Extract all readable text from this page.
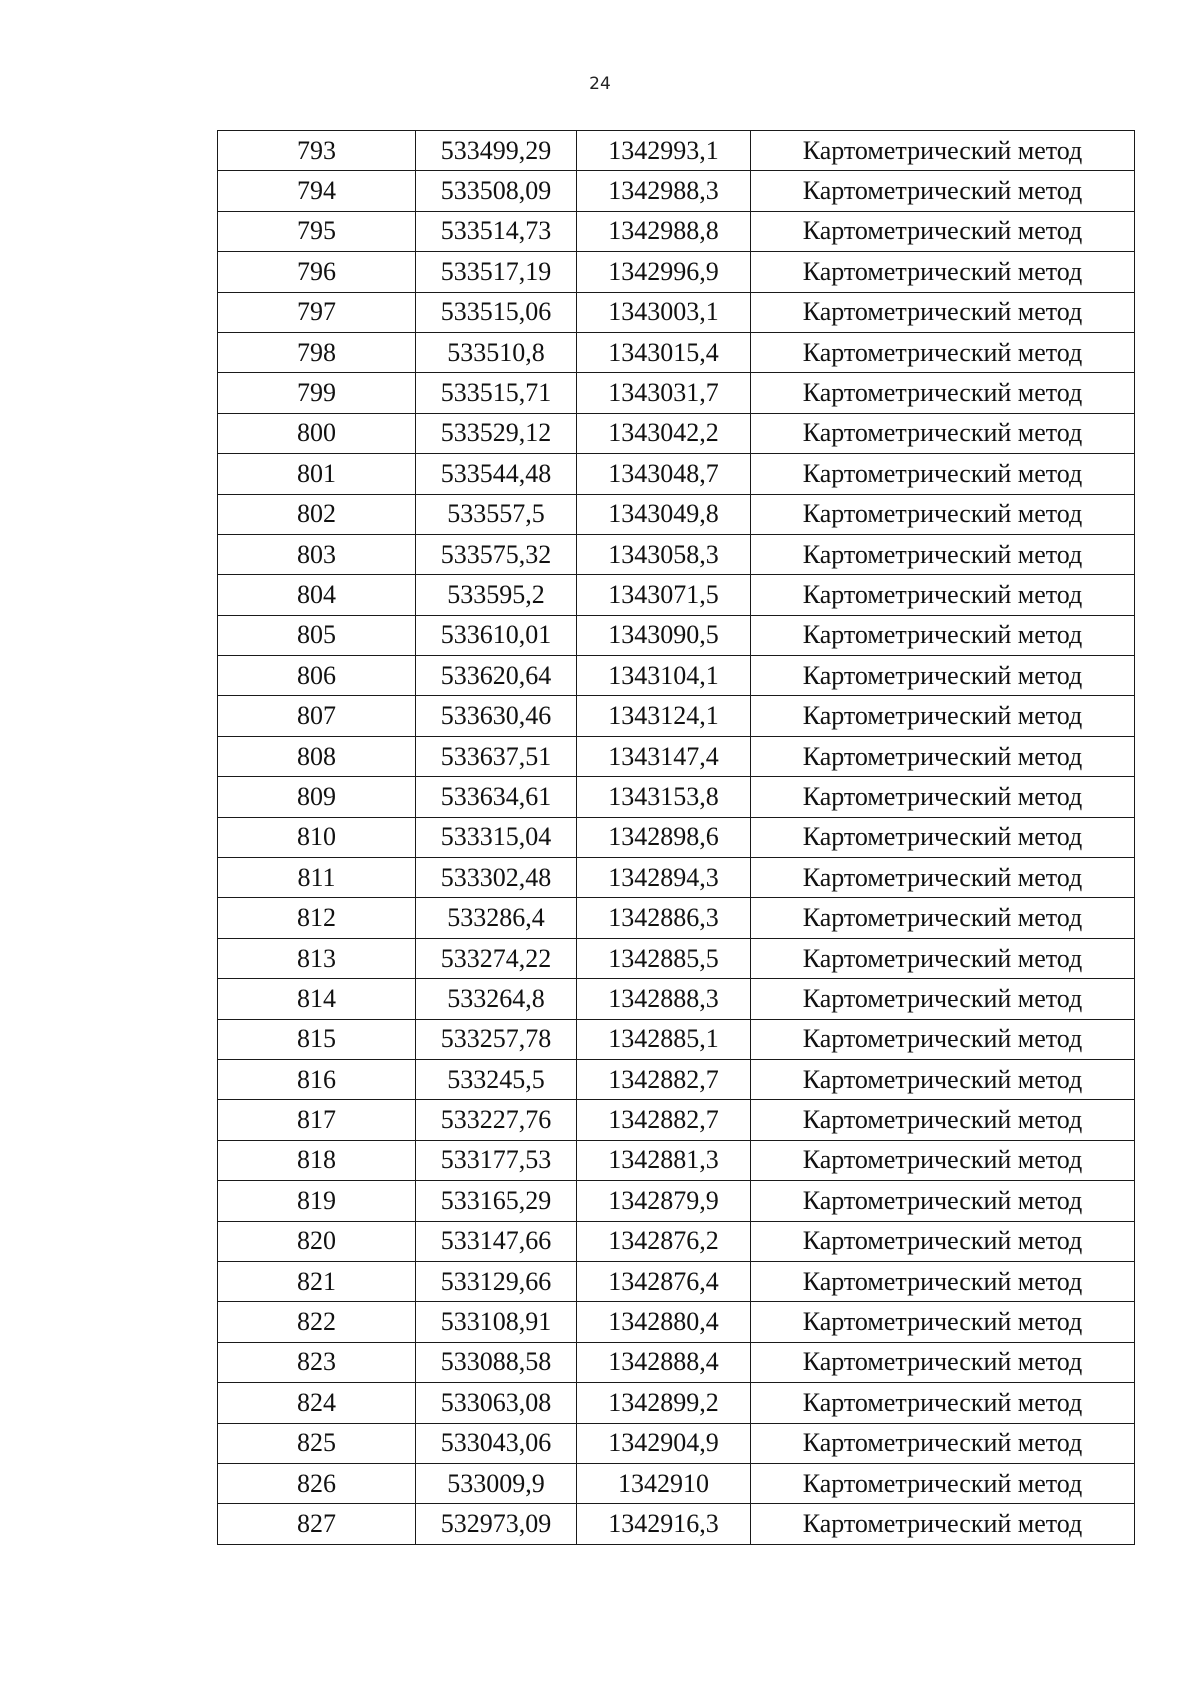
24
793	533499,29	1342993,1	Картометрический метод
794	533508,09	1342988,3	Картометрический метод
795	533514,73	1342988,8	Картометрический метод
796	533517,19	1342996,9	Картометрический метод
797	533515,06	1343003,1	Картометрический метод
798	533510,8	1343015,4	Картометрический метод
799	533515,71	1343031,7	Картометрический метод
800	533529,12	1343042,2	Картометрический метод
801	533544,48	1343048,7	Картометрический метод
802	533557,5	1343049,8	Картометрический метод
803	533575,32	1343058,3	Картометрический метод
804	533595,2	1343071,5	Картометрический метод
805	533610,01	1343090,5	Картометрический метод
806	533620,64	1343104,1	Картометрический метод
807	533630,46	1343124,1	Картометрический метод
808	533637,51	1343147,4	Картометрический метод
809	533634,61	1343153,8	Картометрический метод
810	533315,04	1342898,6	Картометрический метод
811	533302,48	1342894,3	Картометрический метод
812	533286,4	1342886,3	Картометрический метод
813	533274,22	1342885,5	Картометрический метод
814	533264,8	1342888,3	Картометрический метод
815	533257,78	1342885,1	Картометрический метод
816	533245,5	1342882,7	Картометрический метод
817	533227,76	1342882,7	Картометрический метод
818	533177,53	1342881,3	Картометрический метод
819	533165,29	1342879,9	Картометрический метод
820	533147,66	1342876,2	Картометрический метод
821	533129,66	1342876,4	Картометрический метод
822	533108,91	1342880,4	Картометрический метод
823	533088,58	1342888,4	Картометрический метод
824	533063,08	1342899,2	Картометрический метод
825	533043,06	1342904,9	Картометрический метод
826	533009,9	1342910	Картометрический метод
827	532973,09	1342916,3	Картометрический метод
